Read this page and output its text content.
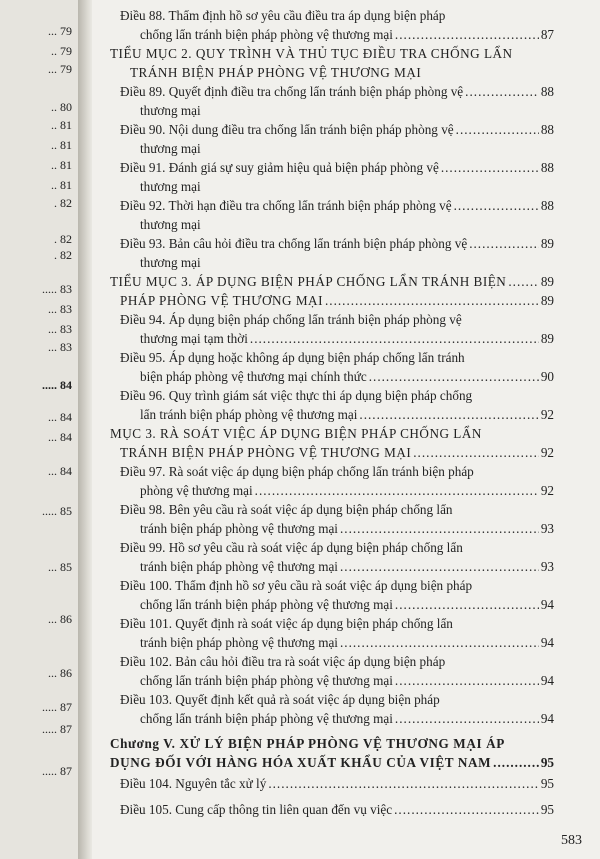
... 79
.. 79
... 79
.. 80
.. 81
.. 81
.. 81
.. 81
. 82
. 82
. 82
..... 83
... 83
... 83
... 83
..... 84
... 84
... 84
... 84
..... 85
... 85
... 86
... 86
..... 87
..... 87
..... 87
583
Điều 88. Thẩm định hồ sơ yêu cầu điều tra áp dụng biện pháp
chống lẩn tránh biện pháp phòng vệ thương mại .....	87
TIỂU MỤC 2. QUY TRÌNH VÀ THỦ TỤC ĐIỀU TRA CHỐNG LẨN
TRÁNH BIỆN PHÁP PHÒNG VỆ THƯƠNG MẠI
Điều 89. Quyết định điều tra chống lẩn tránh biện pháp phòng vệ .....	88
thương mại
Điều 90. Nội dung điều tra chống lẩn tránh biện pháp phòng vệ .....	88
thương mại
Điều 91. Đánh giá sự suy giảm hiệu quả biện pháp phòng vệ .....	88
thương mại
Điều 92. Thời hạn điều tra chống lẩn tránh biện pháp phòng vệ .....	88
thương mại
Điều 93. Bản câu hỏi điều tra chống lẩn tránh biện pháp phòng vệ .....	89
thương mại
TIỂU MỤC 3. ÁP DỤNG BIỆN PHÁP CHỐNG LẨN TRÁNH BIỆN .....	89
PHÁP PHÒNG VỆ THƯƠNG MẠI .....	89
Điều 94. Áp dụng biện pháp chống lẩn tránh biện pháp phòng vệ
thương mại tạm thời .....	89
Điều 95. Áp dụng hoặc không áp dụng biện pháp chống lẩn tránh
biện pháp phòng vệ thương mại chính thức .....	90
Điều 96. Quy trình giám sát việc thực thi áp dụng biện pháp chống
lẩn tránh biện pháp phòng vệ thương mại .....	92
MỤC 3. RÀ SOÁT VIỆC ÁP DỤNG BIỆN PHÁP CHỐNG LẨN
TRÁNH BIỆN PHÁP PHÒNG VỆ THƯƠNG MẠI .....	92
Điều 97. Rà soát việc áp dụng biện pháp chống lẩn tránh biện pháp
phòng vệ thương mại .....	92
Điều 98. Bên yêu cầu rà soát việc áp dụng biện pháp chống lẩn
tránh biện pháp phòng vệ thương mại .....	93
Điều 99. Hồ sơ yêu cầu rà soát việc áp dụng biện pháp chống lẩn
tránh biện pháp phòng vệ thương mại .....	93
Điều 100. Thẩm định hồ sơ yêu cầu rà soát việc áp dụng biện pháp
chống lẩn tránh biện pháp phòng vệ thương mại .....	94
Điều 101. Quyết định rà soát việc áp dụng biện pháp chống lẩn
tránh biện pháp phòng vệ thương mại .....	94
Điều 102. Bản câu hỏi điều tra rà soát việc áp dụng biện pháp
chống lẩn tránh biện pháp phòng vệ thương mại .....	94
Điều 103. Quyết định kết quả rà soát việc áp dụng biện pháp
chống lẩn tránh biện pháp phòng vệ thương mại .....	94
Chương V. XỬ LÝ BIỆN PHÁP PHÒNG VỆ THƯƠNG MẠI ÁP
DỤNG ĐỐI VỚI HÀNG HÓA XUẤT KHẨU CỦA VIỆT NAM .....	95
Điều 104. Nguyên tắc xử lý .....	95
Điều 105. Cung cấp thông tin liên quan đến vụ việc .....	95
